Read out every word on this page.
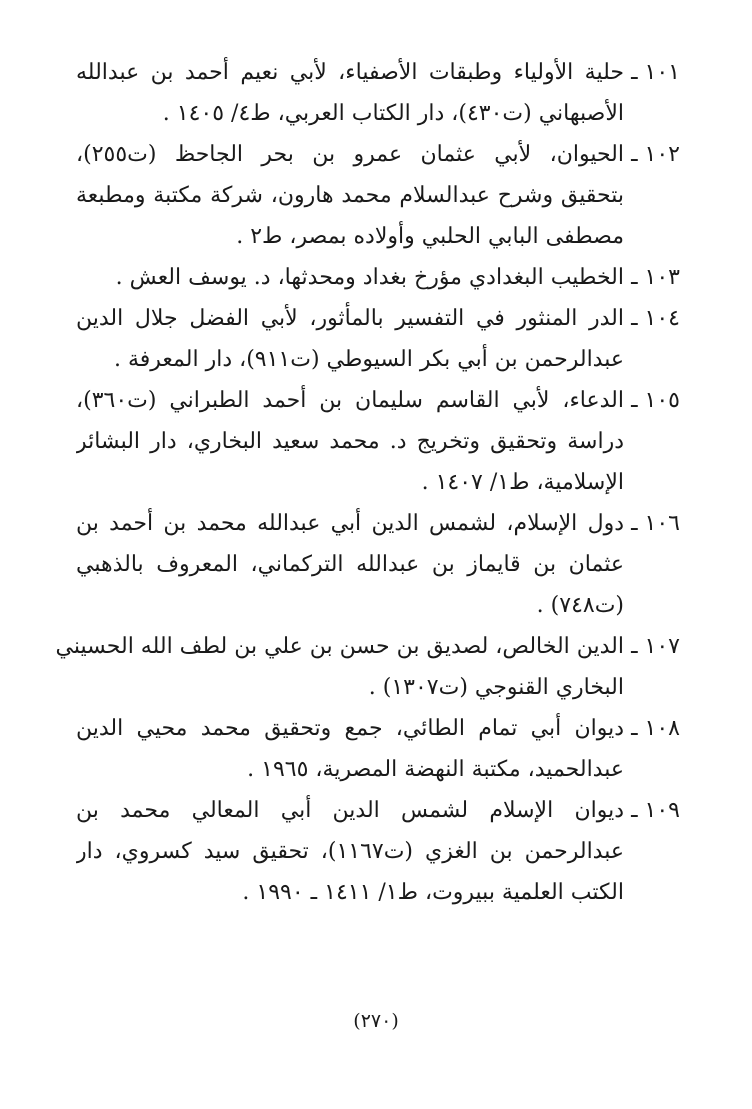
١٠١ ـ
حلية الأولياء وطبقات الأصفياء، لأبي نعيم أحمد بن عبدالله
الأصبهاني (ت٤٣٠)، دار الكتاب العربي، ط٤/ ١٤٠٥ .
١٠٢ ـ
الحيوان، لأبي عثمان عمرو بن بحر الجاحظ (ت٢٥٥)،
بتحقيق وشرح عبدالسلام محمد هارون، شركة مكتبة ومطبعة
مصطفى البابي الحلبي وأولاده بمصر، ط٢ .
١٠٣ ـ
الخطيب البغدادي مؤرخ بغداد ومحدثها، د. يوسف العش .
١٠٤ ـ
الدر المنثور في التفسير بالمأثور، لأبي الفضل جلال الدين
عبدالرحمن بن أبي بكر السيوطي (ت٩١١)، دار المعرفة .
١٠٥ ـ
الدعاء، لأبي القاسم سليمان بن أحمد الطبراني (ت٣٦٠)،
دراسة وتحقيق وتخريج د. محمد سعيد البخاري، دار البشائر
الإسلامية، ط١/ ١٤٠٧ .
١٠٦ ـ
دول الإسلام، لشمس الدين أبي عبدالله محمد بن أحمد بن
عثمان بن قايماز بن عبدالله التركماني، المعروف بالذهبي
(ت٧٤٨) .
١٠٧ ـ
الدين الخالص، لصديق بن حسن بن علي بن لطف الله الحسيني
البخاري القنوجي (ت١٣٠٧) .
١٠٨ ـ
ديوان أبي تمام الطائي، جمع وتحقيق محمد محيي الدين
عبدالحميد، مكتبة النهضة المصرية، ١٩٦٥ .
١٠٩ ـ
ديوان الإسلام لشمس الدين أبي المعالي محمد بن
عبدالرحمن بن الغزي (ت١١٦٧)، تحقيق سيد كسروي، دار
الكتب العلمية ببيروت، ط١/ ١٤١١ ـ ١٩٩٠ .
(٢٧٠)
